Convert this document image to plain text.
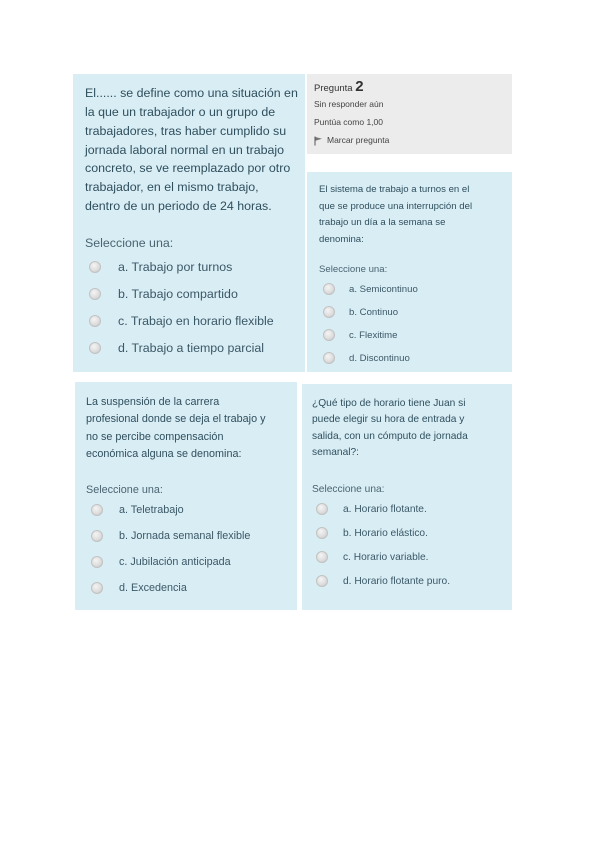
El...... se define como una situación en
la que un trabajador o un grupo de
trabajadores, tras haber cumplido su
jornada laboral normal en un trabajo
concreto, se ve reemplazado por otro
trabajador, en el mismo trabajo,
dentro de un periodo de 24 horas.
Seleccione una:
a. Trabajo por turnos
b. Trabajo compartido
c. Trabajo en horario flexible
d. Trabajo a tiempo parcial
Pregunta 2
Sin responder aún
Puntúa como 1,00
Marcar pregunta
El sistema de trabajo a turnos en el
que se produce una interrupción del
trabajo un día a la semana se
denomina:
Seleccione una:
a. Semicontinuo
b. Continuo
c. Flexitime
d. Discontinuo
La suspensión de la carrera
profesional donde se deja el trabajo y
no se percibe compensación
económica alguna se denomina:
Seleccione una:
a. Teletrabajo
b. Jornada semanal flexible
c. Jubilación anticipada
d. Excedencia
¿Qué tipo de horario tiene Juan si
puede elegir su hora de entrada y
salida, con un cómputo de jornada
semanal?:
Seleccione una:
a. Horario flotante.
b. Horario elástico.
c. Horario variable.
d. Horario flotante puro.
